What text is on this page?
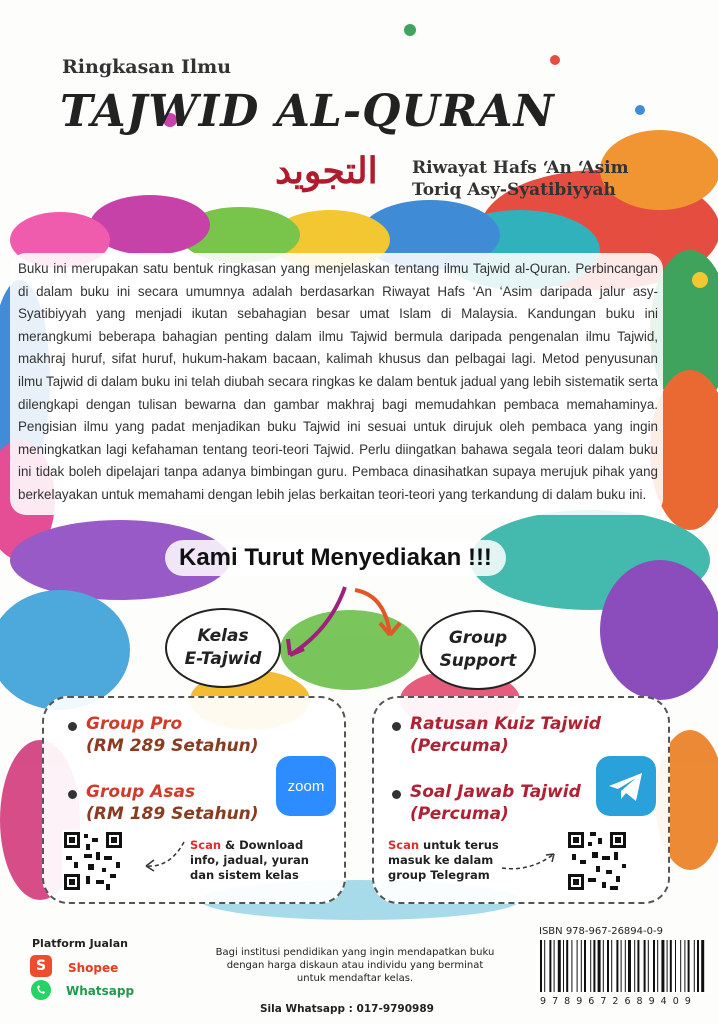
Ringkasan Ilmu
TAJWID AL-QURAN
التجويد Riwayat Hafs ‘An ‘Asim
Toriq Asy-Syatibiyyah
Buku ini merupakan satu bentuk ringkasan yang menjelaskan tentang ilmu Tajwid al-Quran. Perbincangan di dalam buku ini secara umumnya adalah berdasarkan Riwayat Hafs ‘An ‘Asim daripada jalur asy-Syatibiyyah yang menjadi ikutan sebahagian besar umat Islam di Malaysia. Kandungan buku ini merangkumi beberapa bahagian penting dalam ilmu Tajwid bermula daripada pengenalan ilmu Tajwid, makhraj huruf, sifat huruf, hukum-hakam bacaan, kalimah khusus dan pelbagai lagi. Metod penyusunan ilmu Tajwid di dalam buku ini telah diubah secara ringkas ke dalam bentuk jadual yang lebih sistematik serta dilengkapi dengan tulisan bewarna dan gambar makhraj bagi memudahkan pembaca memahaminya. Pengisian ilmu yang padat menjadikan buku Tajwid ini sesuai untuk dirujuk oleh pembaca yang ingin meningkatkan lagi kefahaman tentang teori-teori Tajwid. Perlu diingatkan bahawa segala teori dalam buku ini tidak boleh dipelajari tanpa adanya bimbingan guru. Pembaca dinasihatkan supaya merujuk pihak yang berkelayakan untuk memahami dengan lebih jelas berkaitan teori-teori yang terkandung di dalam buku ini.
Kami Turut Menyediakan !!!
Kelas
E-Tajwid
Group
Support
Group Pro
(RM 289 Setahun)
Group Asas
(RM 189 Setahun)
zoom
Scan & Download
info, jadual, yuran
dan sistem kelas
Ratusan Kuiz Tajwid
(Percuma)
Soal Jawab Tajwid
(Percuma)
Scan untuk terus
masuk ke dalam
group Telegram
Platform Jualan
S	Shopee
Whatsapp
Bagi institusi pendidikan yang ingin mendapatkan buku
dengan harga diskaun atau individu yang berminat
untuk mendaftar kelas.
Sila Whatsapp : 017-9790989
ISBN 978-967-26894-0-9
9 7 8 9 6 7 2 6 8 9 4 0 9
